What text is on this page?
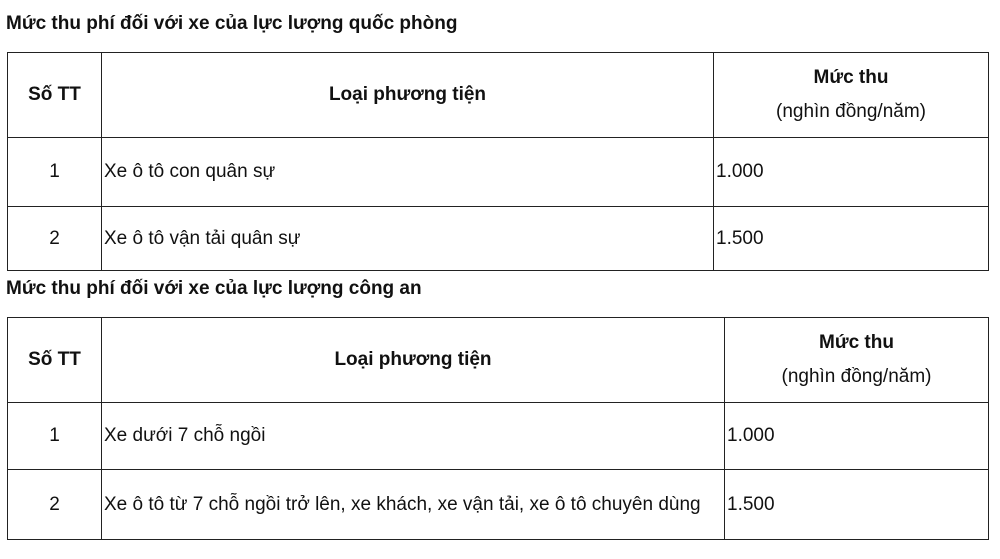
Mức thu phí đối với xe của lực lượng quốc phòng
Số TT	Loại phương tiện	Mức thu
(nghìn đồng/năm)

1	Xe ô tô con quân sự	1.000
2	Xe ô tô vận tải quân sự	1.500
Mức thu phí đối với xe của lực lượng công an
Số TT	Loại phương tiện	Mức thu
(nghìn đồng/năm)

1	Xe dưới 7 chỗ ngồi	1.000
2	Xe ô tô từ 7 chỗ ngồi trở lên, xe khách, xe vận tải, xe ô tô chuyên dùng	1.500
